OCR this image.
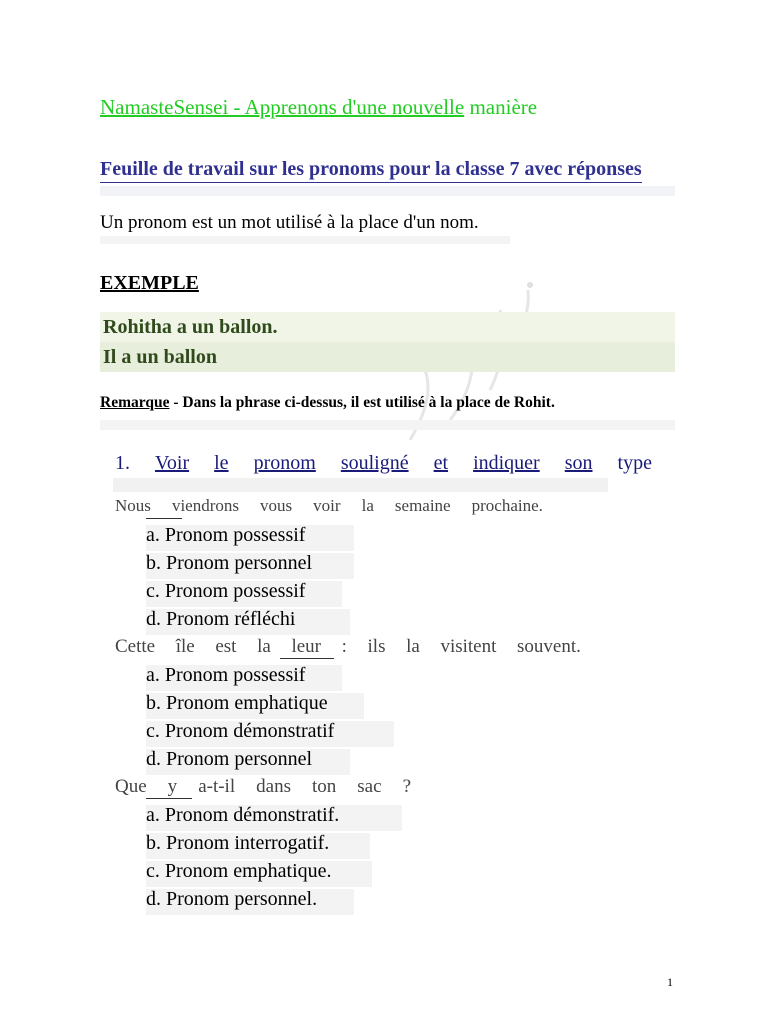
NamasteSensei - Apprenons d'une nouvelle manière
Feuille de travail sur les pronoms pour la classe 7 avec réponses
Un pronom est un mot utilisé à la place d'un nom.
EXEMPLE
Rohitha a un ballon.
Il a un ballon
Remarque - Dans la phrase ci-dessus, il est utilisé à la place de Rohit.
1. Voir le pronom souligné et indiquer son type
Nous viendrons vous voir la semaine prochaine.
a. Pronom possessif
b. Pronom personnel
c. Pronom possessif
d. Pronom réfléchi
Cette île est la leur : ils la visitent souvent.
a. Pronom possessif
b. Pronom emphatique
c. Pronom démonstratif
d. Pronom personnel
Que y a-t-il dans ton sac ?
a. Pronom démonstratif.
b. Pronom interrogatif.
c. Pronom emphatique.
d. Pronom personnel.
1
